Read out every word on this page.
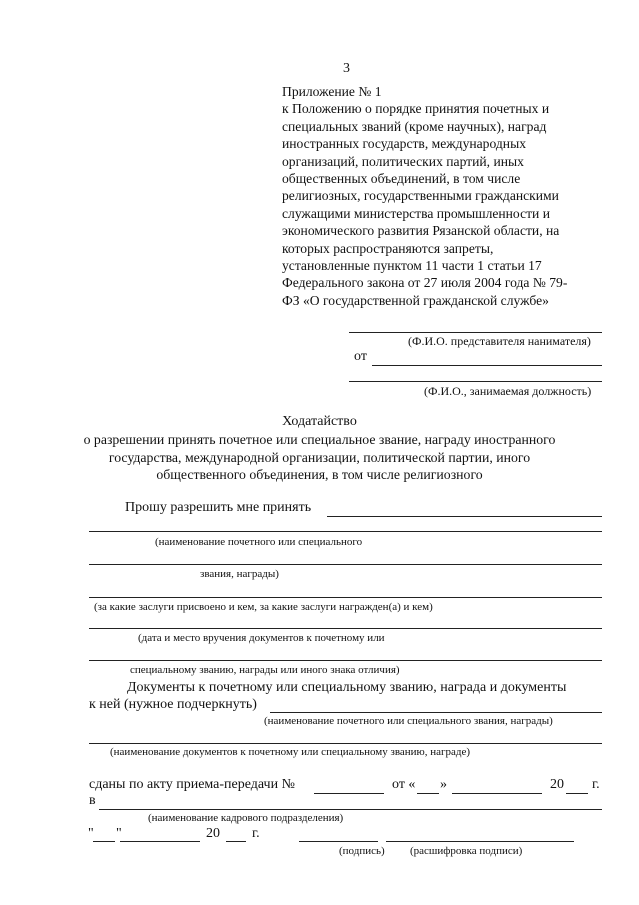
3
Приложение № 1
к Положению о порядке принятия почетных и
специальных званий (кроме научных), наград
иностранных государств, международных
организаций, политических партий, иных
общественных объединений, в том числе
религиозных, государственными гражданскими
служащими министерства промышленности и
экономического развития Рязанской области, на
которых распространяются запреты,
установленные пунктом 11 части 1 статьи 17
Федерального закона от 27 июля 2004 года № 79-
ФЗ «О государственной гражданской службе»
(Ф.И.О. представителя нанимателя)
от
(Ф.И.О., занимаемая должность)
Ходатайство
о разрешении принять почетное или специальное звание, награду иностранного
государства, международной организации, политической партии, иного
общественного объединения, в том числе религиозного
Прошу разрешить мне принять
(наименование почетного или специального
звания, награды)
(за какие заслуги присвоено и кем, за какие заслуги награжден(а) и кем)
(дата и место вручения документов к почетному или
специальному званию, награды или иного знака отличия)
Документы к почетному или специальному званию, награда и документы
к ней (нужное подчеркнуть)
(наименование почетного или специального звания, награды)
(наименование документов к почетному или специальному званию, награде)
сданы по акту приема-передачи №	от « »	20 г.
в
(наименование кадрового подразделения)
" "	20 г.
(подпись) (расшифровка подписи)
